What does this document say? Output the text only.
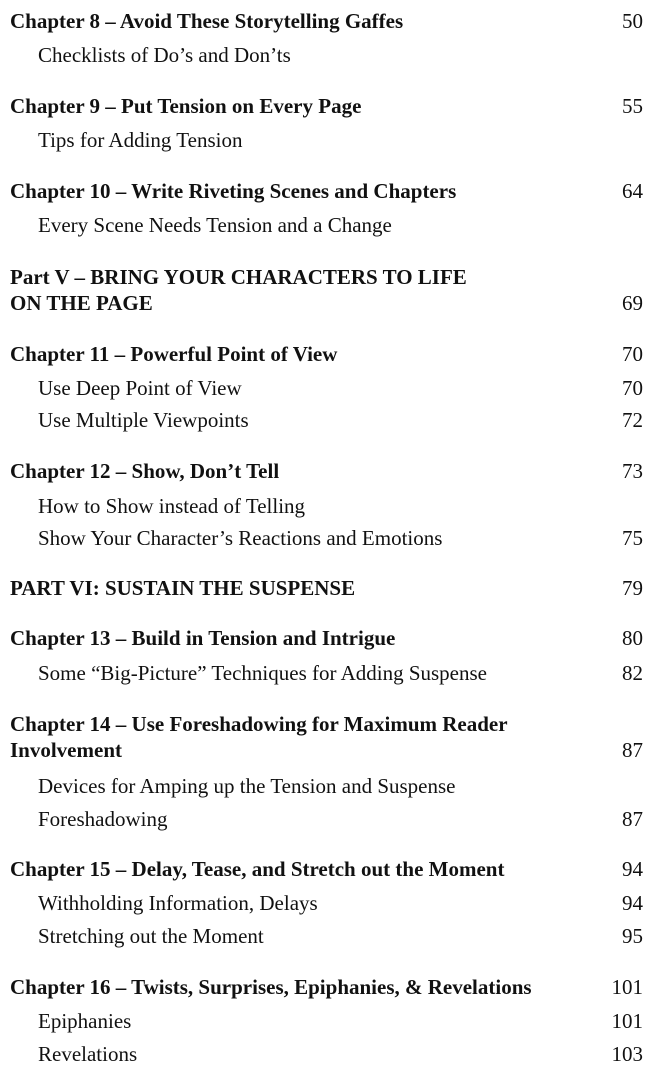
Chapter 8 – Avoid These Storytelling Gaffes	50
Checklists of Do’s and Don’ts
Chapter 9 – Put Tension on Every Page	55
Tips for Adding Tension
Chapter 10 – Write Riveting Scenes and Chapters	64
Every Scene Needs Tension and a Change
Part V – BRING YOUR CHARACTERS TO LIFE
ON THE PAGE	69
Chapter 11 – Powerful Point of View	70
Use Deep Point of View	70
Use Multiple Viewpoints	72
Chapter 12 – Show, Don’t Tell	73
How to Show instead of Telling
Show Your Character’s Reactions and Emotions	75
PART VI: SUSTAIN THE SUSPENSE	79
Chapter 13 – Build in Tension and Intrigue	80
Some “Big-Picture” Techniques for Adding Suspense	82
Chapter 14 – Use Foreshadowing for Maximum Reader
Involvement	87
Devices for Amping up the Tension and Suspense
Foreshadowing	87
Chapter 15 – Delay, Tease, and Stretch out the Moment	94
Withholding Information, Delays	94
Stretching out the Moment	95
Chapter 16 – Twists, Surprises, Epiphanies, & Revelations	101
Epiphanies	101
Revelations	103
